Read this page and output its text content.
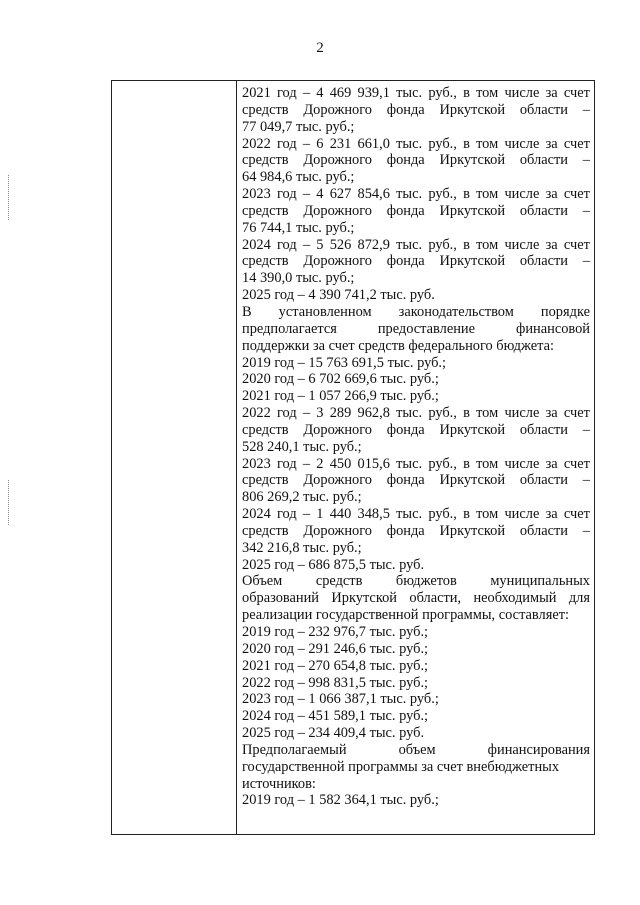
2
2021 год – 4 469 939,1 тыс. руб., в том числе за счет
средств Дорожного фонда Иркутской области –
77 049,7 тыс. руб.;
2022 год – 6 231 661,0 тыс. руб., в том числе за счет
средств Дорожного фонда Иркутской области –
64 984,6 тыс. руб.;
2023 год – 4 627 854,6 тыс. руб., в том числе за счет
средств Дорожного фонда Иркутской области –
76 744,1 тыс. руб.;
2024 год – 5 526 872,9 тыс. руб., в том числе за счет
средств Дорожного фонда Иркутской области –
14 390,0 тыс. руб.;
2025 год – 4 390 741,2 тыс. руб.
В установленном законодательством порядке
предполагается	предоставление	финансовой
поддержки за счет средств федерального бюджета:
2019 год – 15 763 691,5 тыс. руб.;
2020 год – 6 702 669,6 тыс. руб.;
2021 год – 1 057 266,9 тыс. руб.;
2022 год – 3 289 962,8 тыс. руб., в том числе за счет
средств Дорожного фонда Иркутской области –
528 240,1 тыс. руб.;
2023 год – 2 450 015,6 тыс. руб., в том числе за счет
средств Дорожного фонда Иркутской области –
806 269,2 тыс. руб.;
2024 год – 1 440 348,5 тыс. руб., в том числе за счет
средств Дорожного фонда Иркутской области –
342 216,8 тыс. руб.;
2025 год – 686 875,5 тыс. руб.
Объем средств бюджетов муниципальных
образований Иркутской области, необходимый для
реализации государственной программы, составляет:
2019 год – 232 976,7 тыс. руб.;
2020 год – 291 246,6 тыс. руб.;
2021 год – 270 654,8 тыс. руб.;
2022 год – 998 831,5 тыс. руб.;
2023 год – 1 066 387,1 тыс. руб.;
2024 год – 451 589,1 тыс. руб.;
2025 год – 234 409,4 тыс. руб.
Предполагаемый	объем	финансирования
государственной программы за счет внебюджетных
источников:
2019 год – 1 582 364,1 тыс. руб.;
